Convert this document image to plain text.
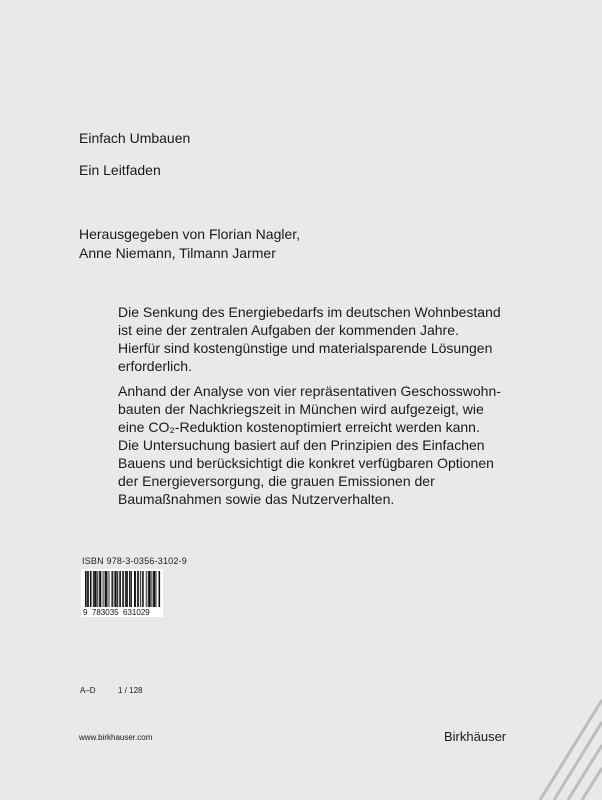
Einfach Umbauen
Ein Leitfaden
Herausgegeben von Florian Nagler,
Anne Niemann, Tilmann Jarmer
Die Senkung des Energiebedarfs im deutschen Wohnbestand
ist eine der zentralen Aufgaben der kommenden Jahre.
Hierfür sind kostengünstige und materialsparende Lösungen
erforderlich.
Anhand der Analyse von vier repräsentativen Geschosswohn-
bauten der Nachkriegszeit in München wird aufgezeigt, wie
eine CO₂-Reduktion kostenoptimiert erreicht werden kann.
Die Untersuchung basiert auf den Prinzipien des Einfachen
Bauens und berücksichtigt die konkret verfügbaren Optionen
der Energieversorgung, die grauen Emissionen der
Baumaßnahmen sowie das Nutzerverhalten.
ISBN 978-3-0356-3102-9
9  783035  631029
A–D	1 / 128
www.birkhauser.com	Birkhäuser
